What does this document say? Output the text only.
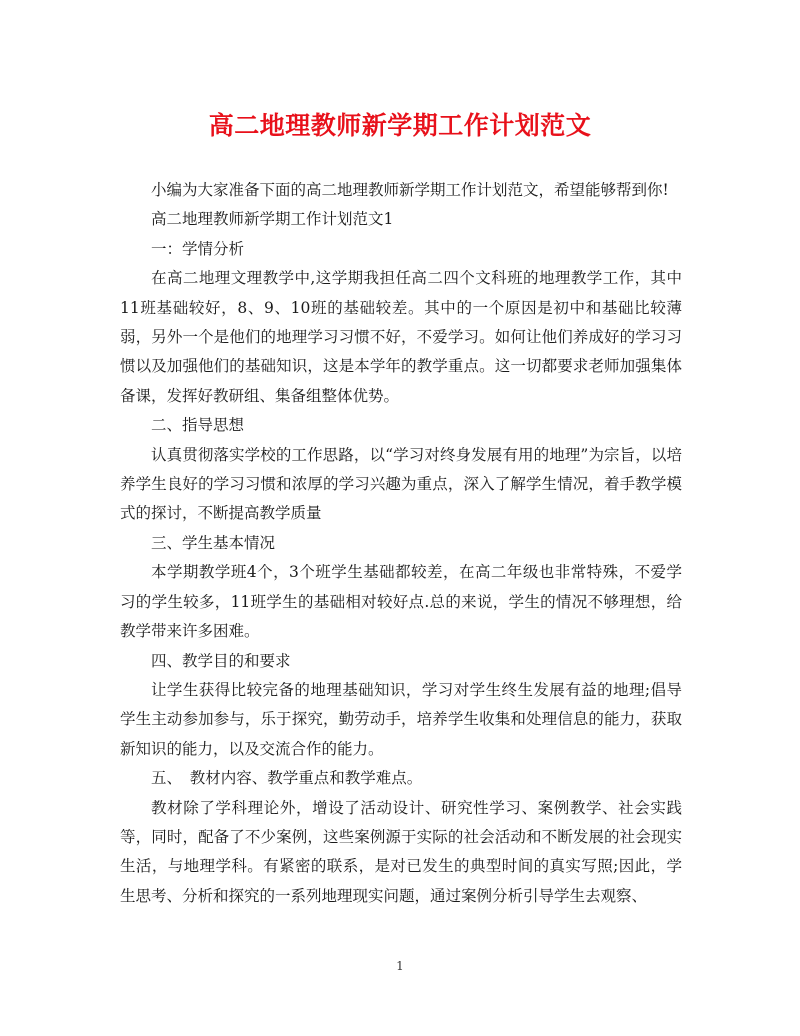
高二地理教师新学期工作计划范文

小编为大家准备下面的高二地理教师新学期工作计划范文，希望能够帮到你!

高二地理教师新学期工作计划范文1

一：学情分析

在高二地理文理教学中,这学期我担任高二四个文科班的地理教学工作，其中11班基础较好，8、9、10班的基础较差。其中的一个原因是初中和基础比较薄弱，另外一个是他们的地理学习习惯不好，不爱学习。如何让他们养成好的学习习惯以及加强他们的基础知识，这是本学年的教学重点。这一切都要求老师加强集体备课，发挥好教研组、集备组整体优势。

二、指导思想

认真贯彻落实学校的工作思路，以“学习对终身发展有用的地理”为宗旨，以培养学生良好的学习习惯和浓厚的学习兴趣为重点，深入了解学生情况，着手教学模式的探讨，不断提高教学质量

三、学生基本情况

本学期教学班4个，3个班学生基础都较差，在高二年级也非常特殊，不爱学习的学生较多，11班学生的基础相对较好点.总的来说，学生的情况不够理想，给教学带来许多困难。

四、教学目的和要求

让学生获得比较完备的地理基础知识，学习对学生终生发展有益的地理;倡导学生主动参加参与，乐于探究，勤劳动手，培养学生收集和处理信息的能力，获取新知识的能力，以及交流合作的能力。

五、　教材内容、教学重点和教学难点。

教材除了学科理论外，增设了活动设计、研究性学习、案例教学、社会实践等，同时，配备了不少案例，这些案例源于实际的社会活动和不断发展的社会现实生活，与地理学科。有紧密的联系，是对已发生的典型时间的真实写照;因此，学生思考、分析和探究的一系列地理现实问题，通过案例分析引导学生去观察、

1
